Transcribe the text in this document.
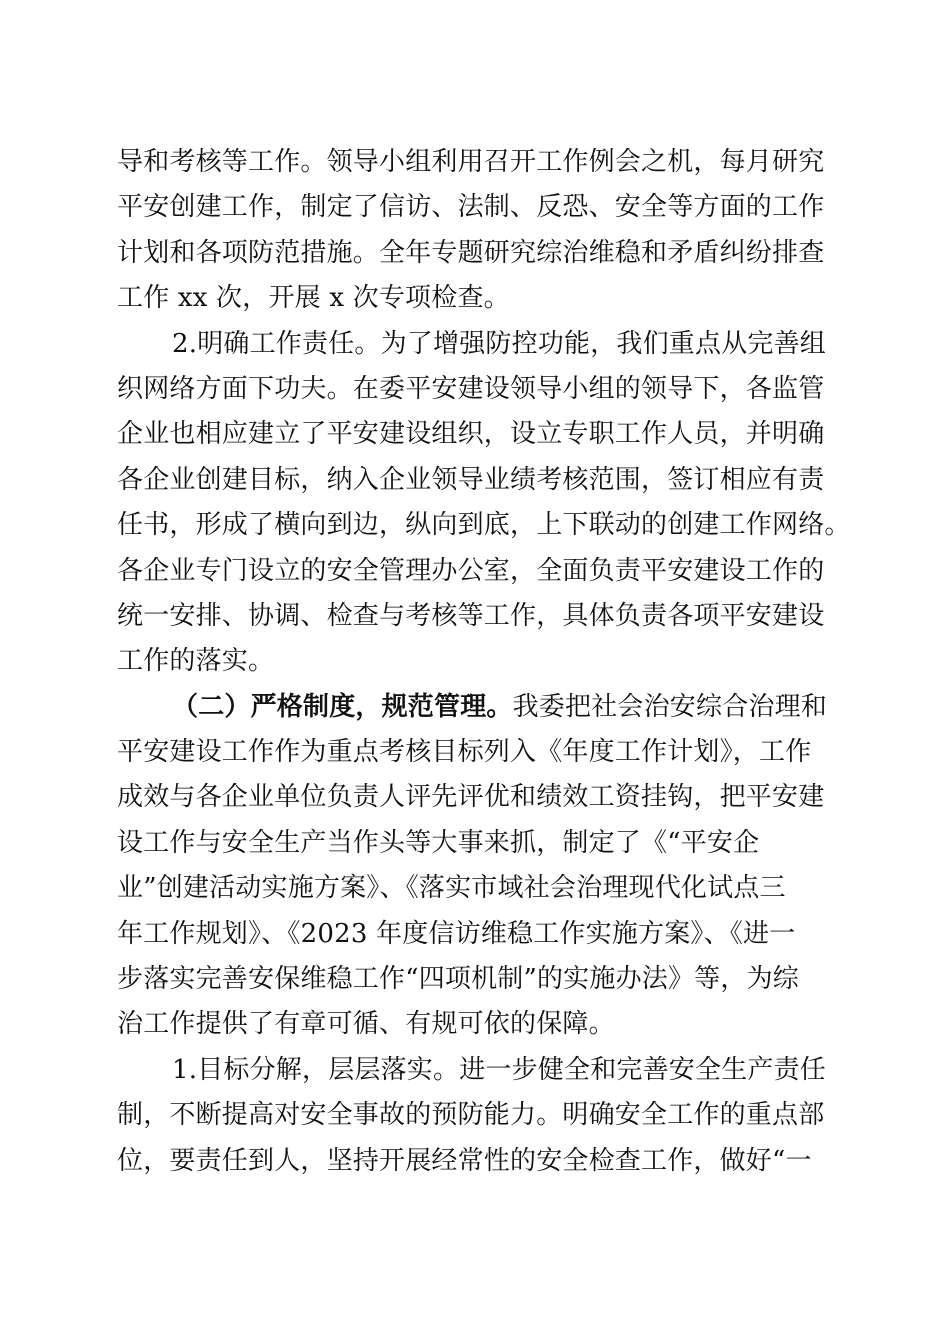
导和考核等工作。领导小组利用召开工作例会之机，每月研究
平安创建工作，制定了信访、法制、反恐、安全等方面的工作
计划和各项防范措施。全年专题研究综治维稳和矛盾纠纷排查
工作 xx 次，开展 x 次专项检查。
2.明确工作责任。为了增强防控功能，我们重点从完善组
织网络方面下功夫。在委平安建设领导小组的领导下，各监管
企业也相应建立了平安建设组织，设立专职工作人员，并明确
各企业创建目标，纳入企业领导业绩考核范围，签订相应有责
任书，形成了横向到边，纵向到底，上下联动的创建工作网络。
各企业专门设立的安全管理办公室，全面负责平安建设工作的
统一安排、协调、检查与考核等工作，具体负责各项平安建设
工作的落实。
（二）严格制度，规范管理。我委把社会治安综合治理和
平安建设工作作为重点考核目标列入《年度工作计划》，工作
成效与各企业单位负责人评先评优和绩效工资挂钩，把平安建
设工作与安全生产当作头等大事来抓，制定了《“平安企
业”创建活动实施方案》、《落实市域社会治理现代化试点三
年工作规划》、《2023 年度信访维稳工作实施方案》、《进一
步落实完善安保维稳工作“四项机制”的实施办法》等，为综
治工作提供了有章可循、有规可依的保障。
1.目标分解，层层落实。进一步健全和完善安全生产责任
制，不断提高对安全事故的预防能力。明确安全工作的重点部
位，要责任到人，坚持开展经常性的安全检查工作，做好“一
